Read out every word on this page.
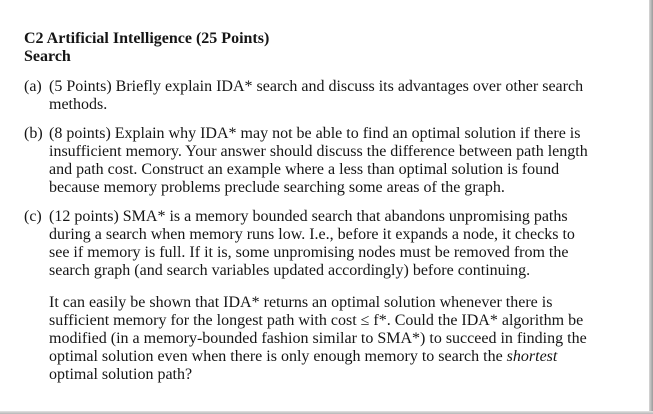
C2 Artificial Intelligence (25 Points)
Search
(a) (5 Points) Briefly explain IDA* search and discuss its advantages over other search
methods.
(b) (8 points) Explain why IDA* may not be able to find an optimal solution if there is
insufficient memory. Your answer should discuss the difference between path length
and path cost. Construct an example where a less than optimal solution is found
because memory problems preclude searching some areas of the graph.
(c) (12 points) SMA* is a memory bounded search that abandons unpromising paths
during a search when memory runs low. I.e., before it expands a node, it checks to
see if memory is full. If it is, some unpromising nodes must be removed from the
search graph (and search variables updated accordingly) before continuing.
It can easily be shown that IDA* returns an optimal solution whenever there is
sufficient memory for the longest path with cost ≤ f*. Could the IDA* algorithm be
modified (in a memory-bounded fashion similar to SMA*) to succeed in finding the
optimal solution even when there is only enough memory to search the shortest
optimal solution path?
